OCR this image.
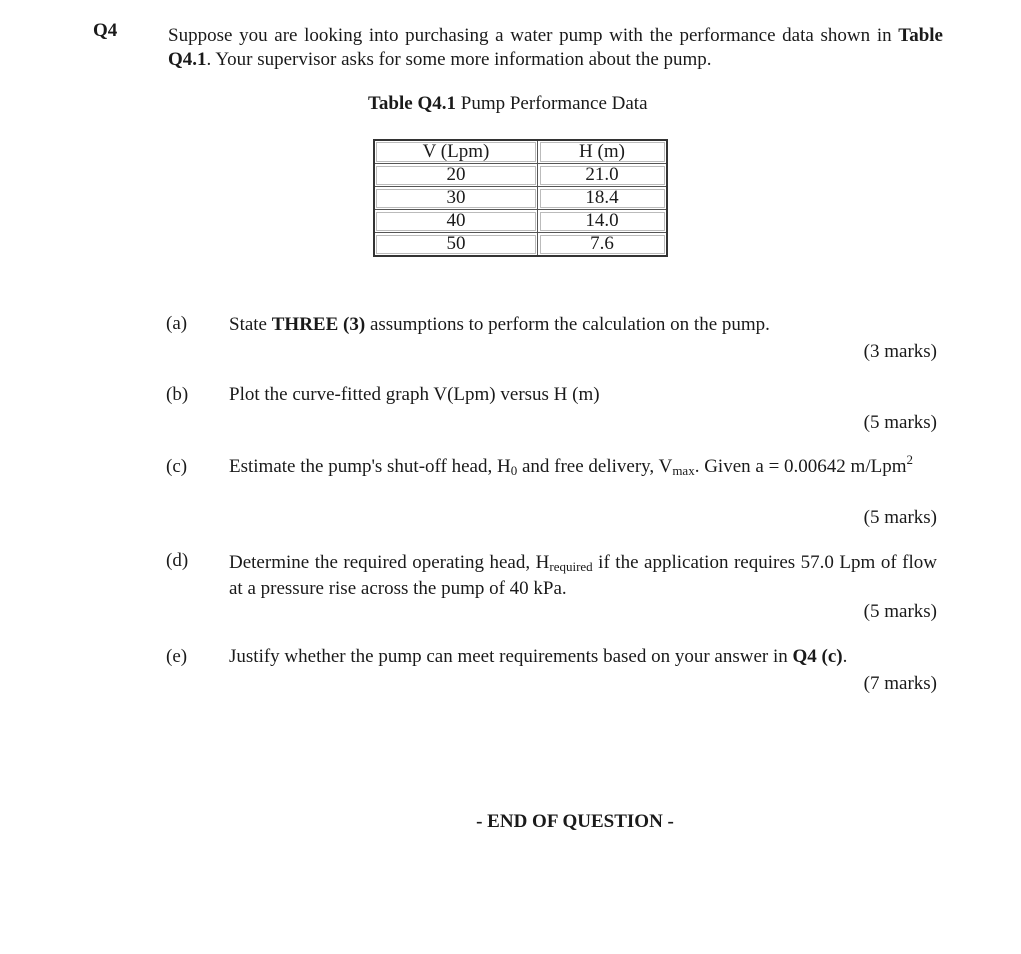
Q4	Suppose you are looking into purchasing a water pump with the performance data shown in Table Q4.1. Your supervisor asks for some more information about the pump.
Table Q4.1 Pump Performance Data
V (Lpm)	H (m)
20	21.0
30	18.4
40	14.0
50	7.6
(a) State THREE (3) assumptions to perform the calculation on the pump.
(3 marks)
(b) Plot the curve-fitted graph V(Lpm) versus H (m)
(5 marks)
(c) Estimate the pump's shut-off head, $H_0$ and free delivery, $V_{max}$. Given a = 0.00642 m/Lpm$^2$
(5 marks)
(d) Determine the required operating head, $H_{required}$ if the application requires 57.0 Lpm of flow at a pressure rise across the pump of 40 kPa.
(5 marks)
(e) Justify whether the pump can meet requirements based on your answer in Q4 (c).
(7 marks)
- END OF QUESTION -
